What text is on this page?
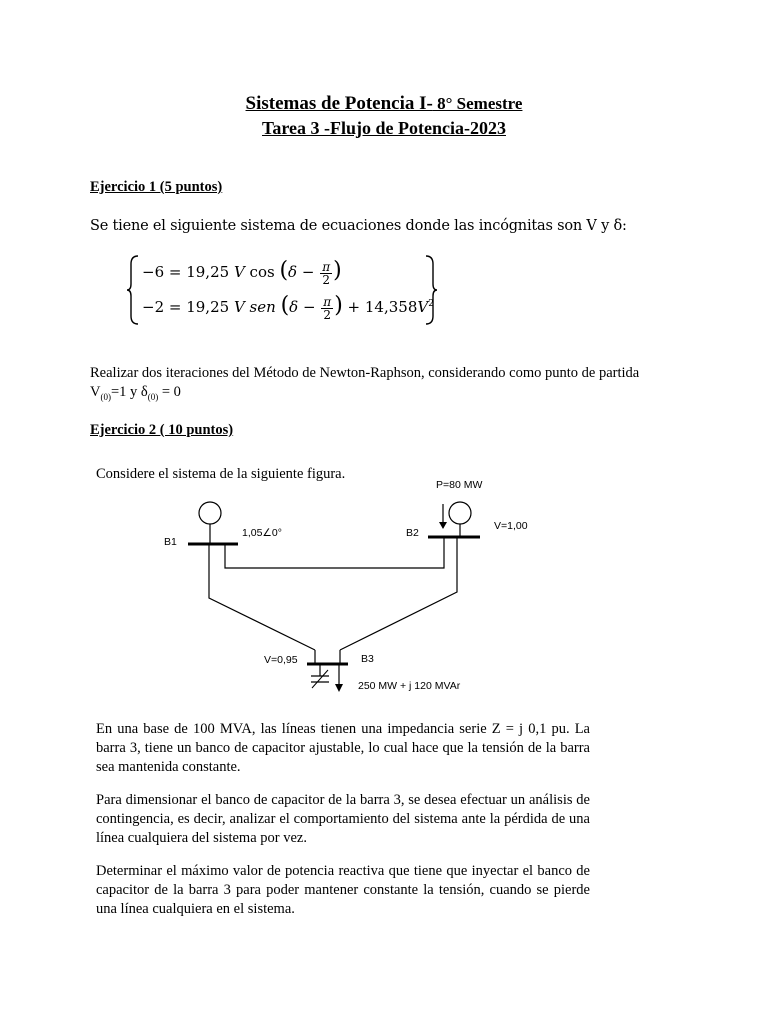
Sistemas de Potencia I- 8° Semestre
Tarea 3 -Flujo de Potencia-2023
Ejercicio 1 (5 puntos)
Se tiene el siguiente sistema de ecuaciones donde las incógnitas son V y δ:
−6 = 19,25 V $\cos (\delta - \frac{\pi}{2}$ )
−2 = 19,25 V sen ($\delta - \frac{\pi}{2}$ ) + $14,358V^2$
Realizar dos iteraciones del Método de Newton-Raphson, considerando como punto de partida
$V_{(0)}=1$ y $\delta_{(0)} = 0$
Ejercicio 2 ( 10 puntos)
Considere el sistema de la siguiente figura.
B1
1,05∠0°	B2
P=80 MW
V=1,00
V=0,95	B3
250 MW + j 120 MVAr

En una base de 100 MVA, las líneas tienen una impedancia serie Z = j 0,1 pu. La barra 3, tiene un banco de capacitor ajustable, lo cual hace que la tensión de la barra sea mantenida constante.

Para dimensionar el banco de capacitor de la barra 3, se desea efectuar un análisis de contingencia, es decir, analizar el comportamiento del sistema ante la pérdida de una línea cualquiera del sistema por vez.

Determinar el máximo valor de potencia reactiva que tiene que inyectar el banco de capacitor de la barra 3 para poder mantener constante la tensión, cuando se pierde una línea cualquiera en el sistema.
